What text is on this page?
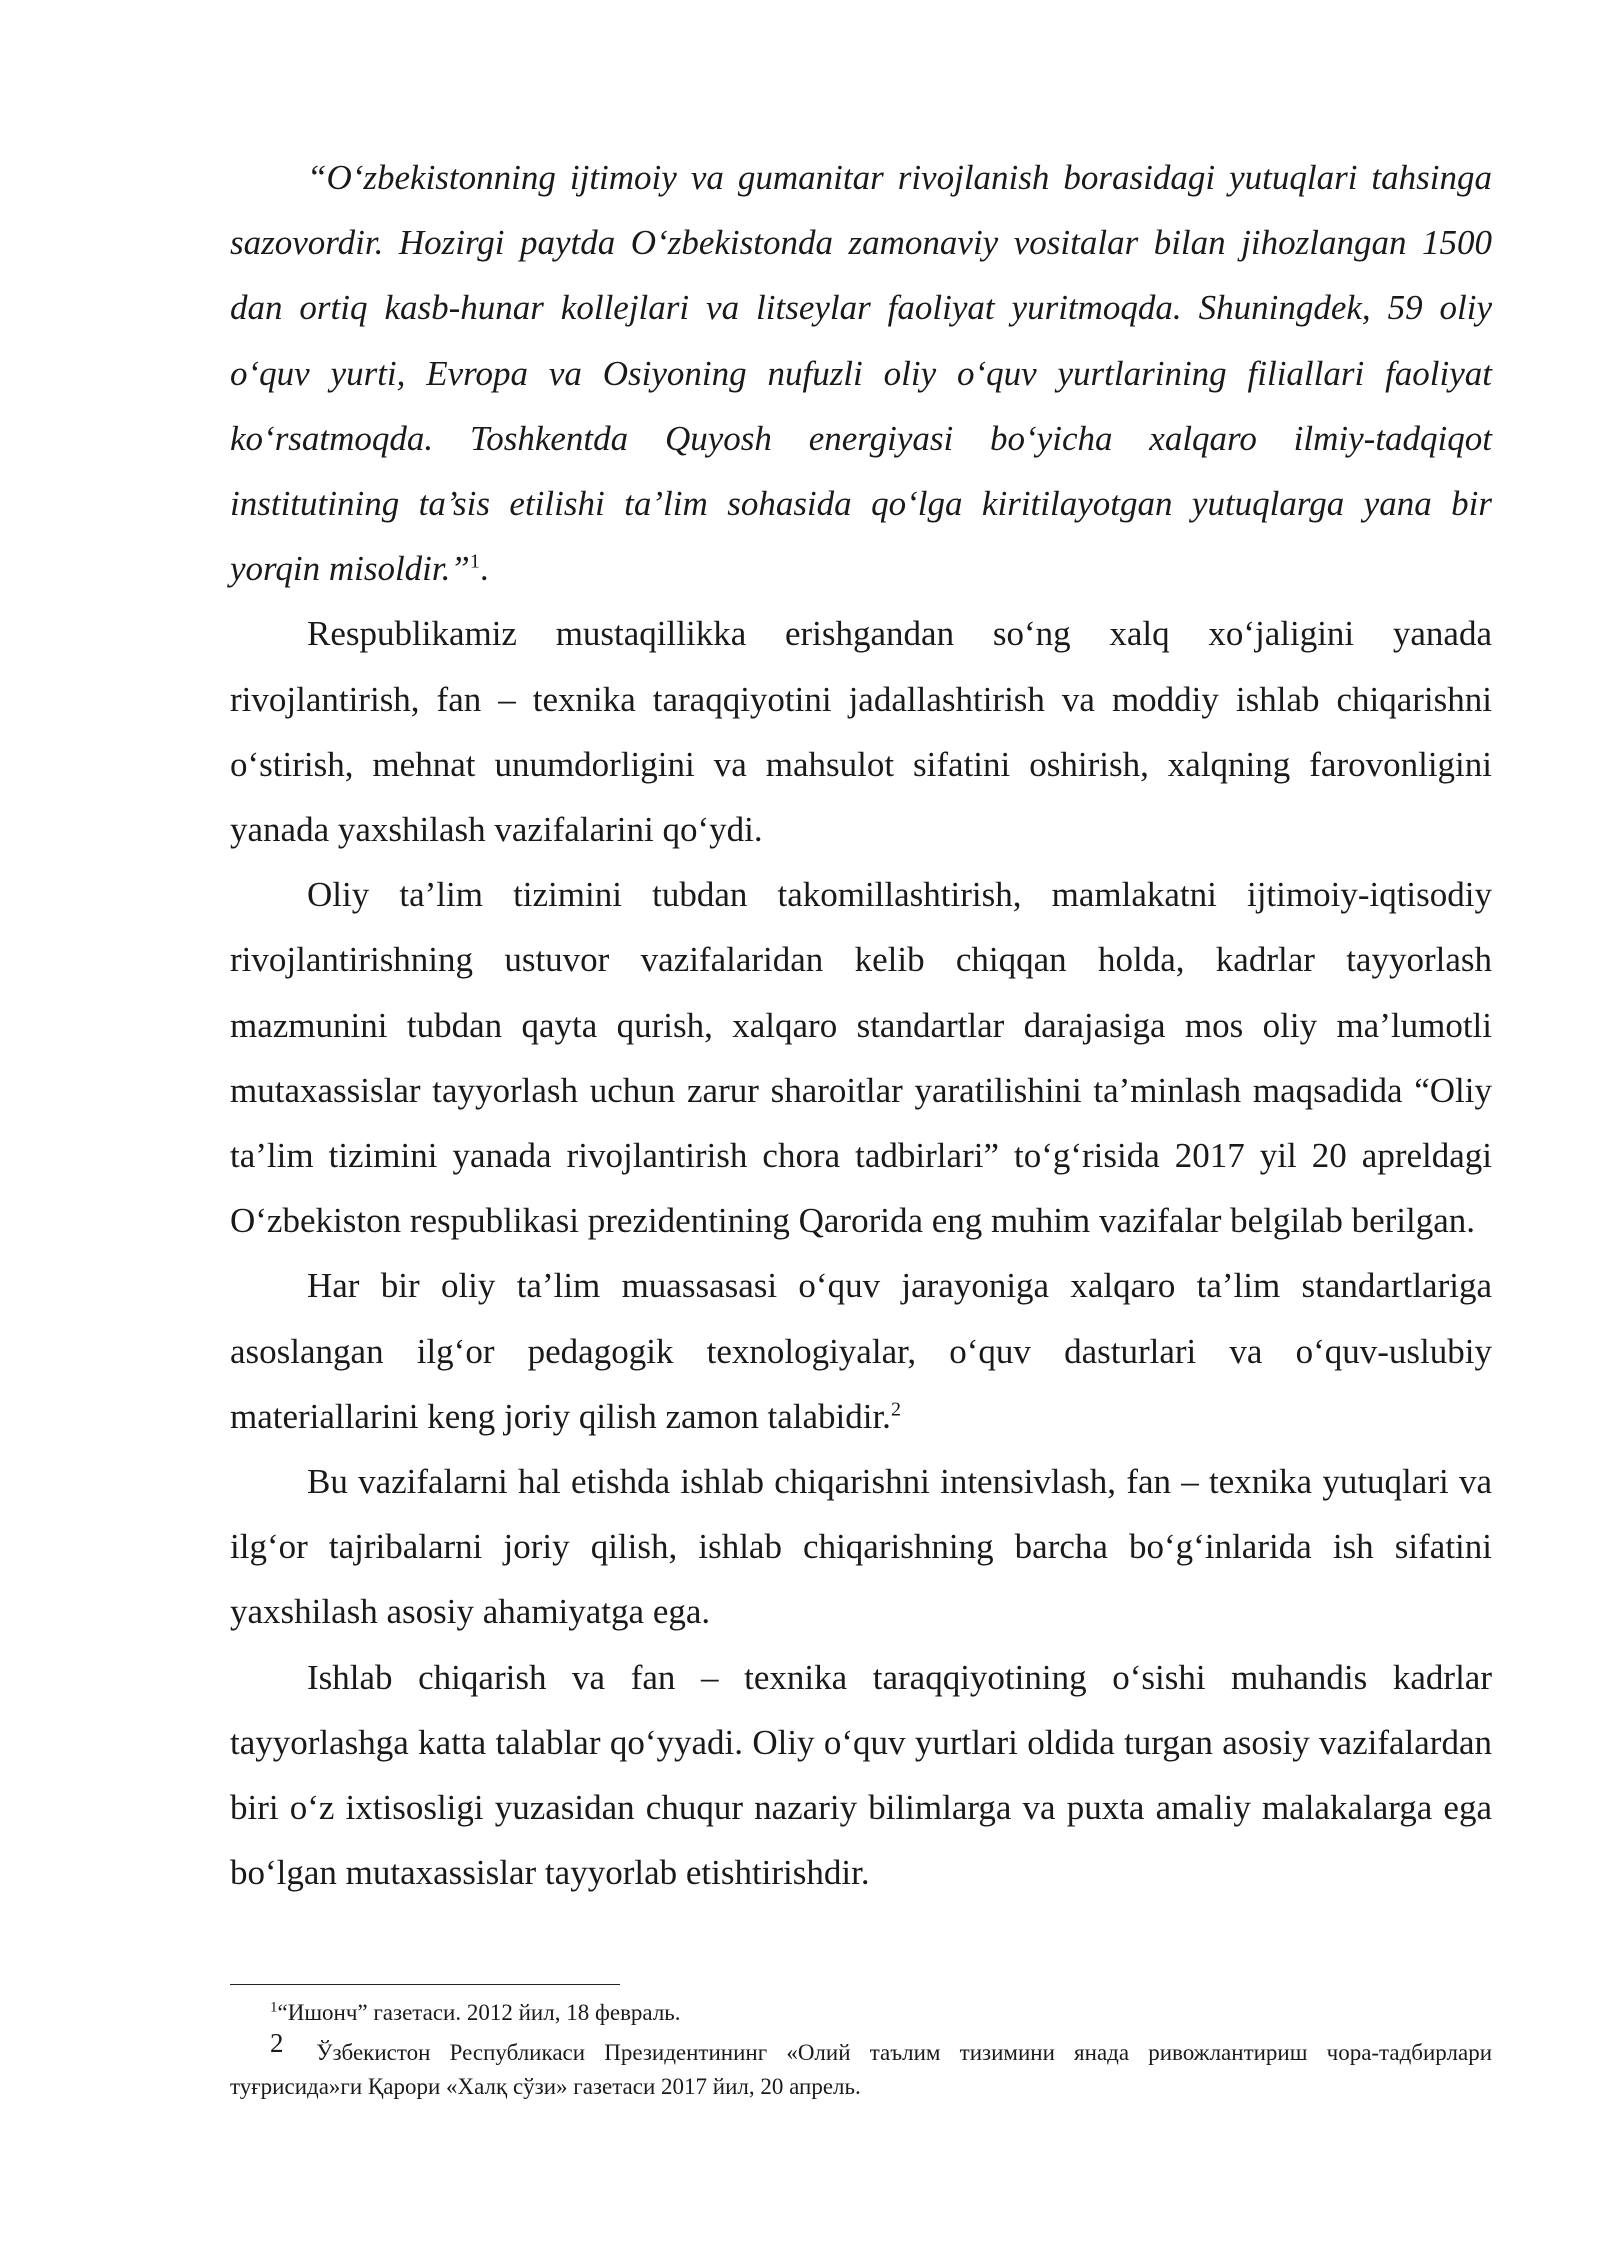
“O‘zbekistonning ijtimoiy va gumanitar rivojlanish borasidagi yutuqlari tahsinga sazovordir. Hozirgi paytda O‘zbekistonda zamonaviy vositalar bilan jihozlangan 1500 dan ortiq kasb-hunar kollejlari va litseylar faoliyat yuritmoqda. Shuningdek, 59 oliy o‘quv yurti, Evropa va Osiyoning nufuzli oliy o‘quv yurtlarining filiallari faoliyat ko‘rsatmoqda. Toshkentda Quyosh energiyasi bo‘yicha xalqaro ilmiy-tadqiqot institutining ta’sis etilishi ta’lim sohasida qo‘lga kiritilayotgan yutuqlarga yana bir yorqin misoldir.”$^1$.

Respublikamiz mustaqillikka erishgandan so‘ng xalq xo‘jaligini yanada rivojlantirish, fan – texnika taraqqiyotini jadallashtirish va moddiy ishlab chiqarishni o‘stirish, mehnat unumdorligini va mahsulot sifatini oshirish, xalqning farovonligini yanada yaxshilash vazifalarini qo‘ydi.

Oliy ta’lim tizimini tubdan takomillashtirish, mamlakatni ijtimoiy-iqtisodiy rivojlantirishning ustuvor vazifalaridan kelib chiqqan holda, kadrlar tayyorlash mazmunini tubdan qayta qurish, xalqaro standartlar darajasiga mos oliy ma’lumotli mutaxassislar tayyorlash uchun zarur sharoitlar yaratilishini ta’minlash maqsadida “Oliy ta’lim tizimini yanada rivojlantirish chora tadbirlari” to‘g‘risida 2017 yil 20 apreldagi O‘zbekiston respublikasi prezidentining Qarorida eng muhim vazifalar belgilab berilgan.

Har bir oliy ta’lim muassasasi o‘quv jarayoniga xalqaro ta’lim standartlariga asoslangan ilg‘or pedagogik texnologiyalar, o‘quv dasturlari va o‘quv-uslubiy materiallarini keng joriy qilish zamon talabidir.$^2$

Bu vazifalarni hal etishda ishlab chiqarishni intensivlash, fan – texnika yutuqlari va ilg‘or tajribalarni joriy qilish, ishlab chiqarishning barcha bo‘g‘inlarida ish sifatini yaxshilash asosiy ahamiyatga ega.

Ishlab chiqarish va fan – texnika taraqqiyotining o‘sishi muhandis kadrlar tayyorlashga katta talablar qo‘yyadi. Oliy o‘quv yurtlari oldida turgan asosiy vazifalardan biri o‘z ixtisosligi yuzasidan chuqur nazariy bilimlarga va puxta amaliy malakalarga ega bo‘lgan mutaxassislar tayyorlab etishtirishdir.

$^1$“Ишонч” газетаси. 2012 йил, 18 февраль.

2 Ўзбекистон Республикаси Президентининг «Олий таълим тизимини янада ривожлантириш чора-тадбирлари туғрисида»ги Қарори «Халқ сўзи» газетаси 2017 йил, 20 апрель.
